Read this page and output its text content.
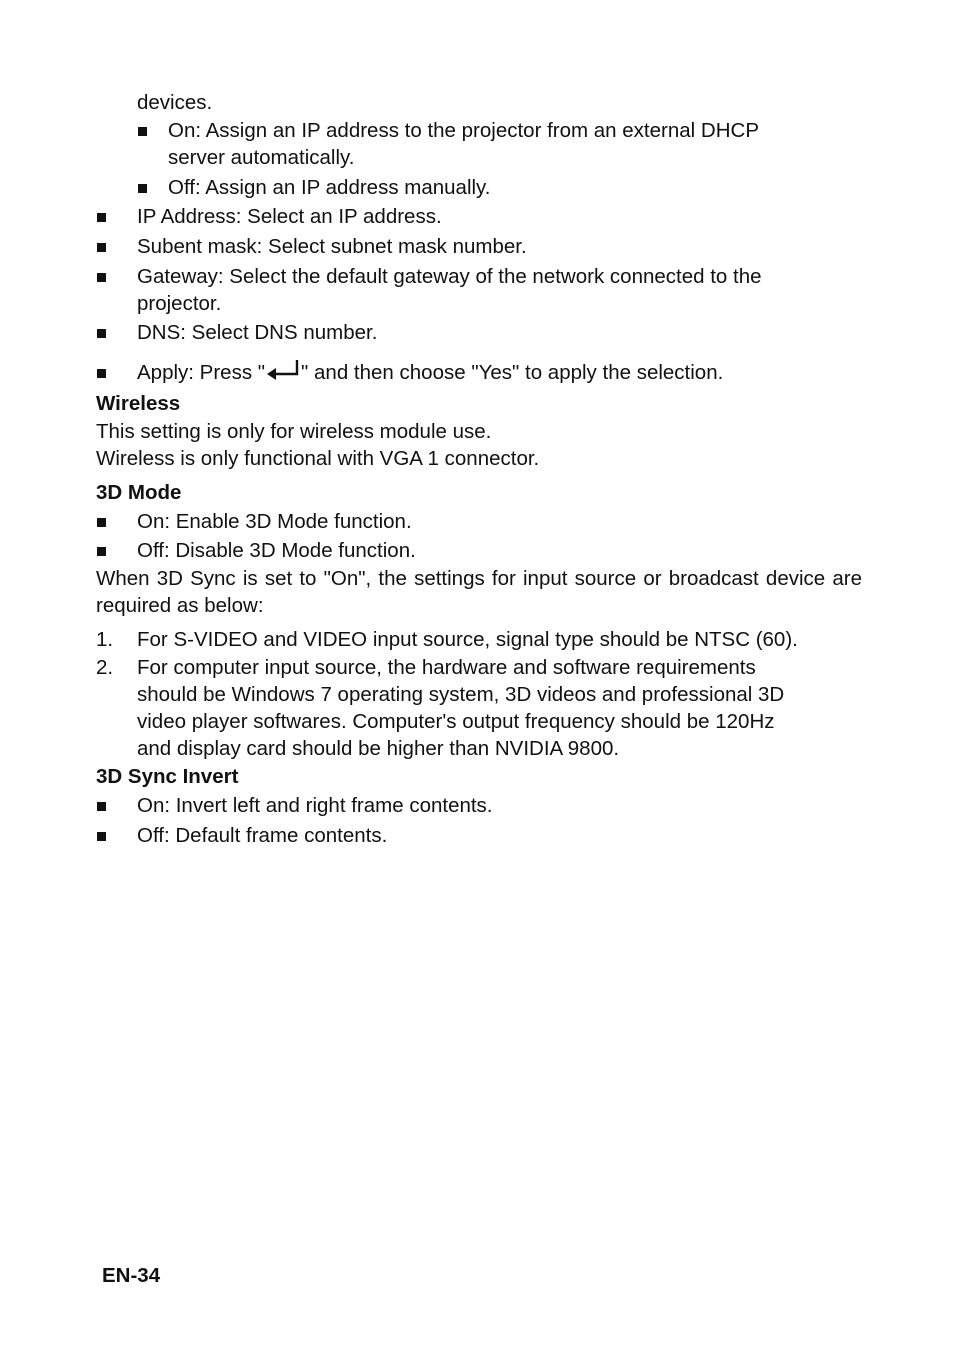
devices.
On: Assign an IP address to the projector from an external DHCP
server automatically.
Off: Assign an IP address manually.
IP Address: Select an IP address.
Subent mask: Select subnet mask number.
Gateway: Select the default gateway of the network connected to the
projector.
DNS: Select DNS number.
Apply: Press " " and then choose "Yes" to apply the selection.
Wireless
This setting is only for wireless module use.
Wireless is only functional with VGA 1 connector.
3D Mode
On: Enable 3D Mode function.
Off: Disable 3D Mode function.
When 3D Sync is set to "On", the settings for input source or broadcast device are required as below:
1. For S-VIDEO and VIDEO input source, signal type should be NTSC (60).
2. For computer input source, the hardware and software requirements
should be Windows 7 operating system, 3D videos and professional 3D
video player softwares. Computer's output frequency should be 120Hz
and display card should be higher than NVIDIA 9800.
3D Sync Invert
On: Invert left and right frame contents.
Off: Default frame contents.
EN-34
